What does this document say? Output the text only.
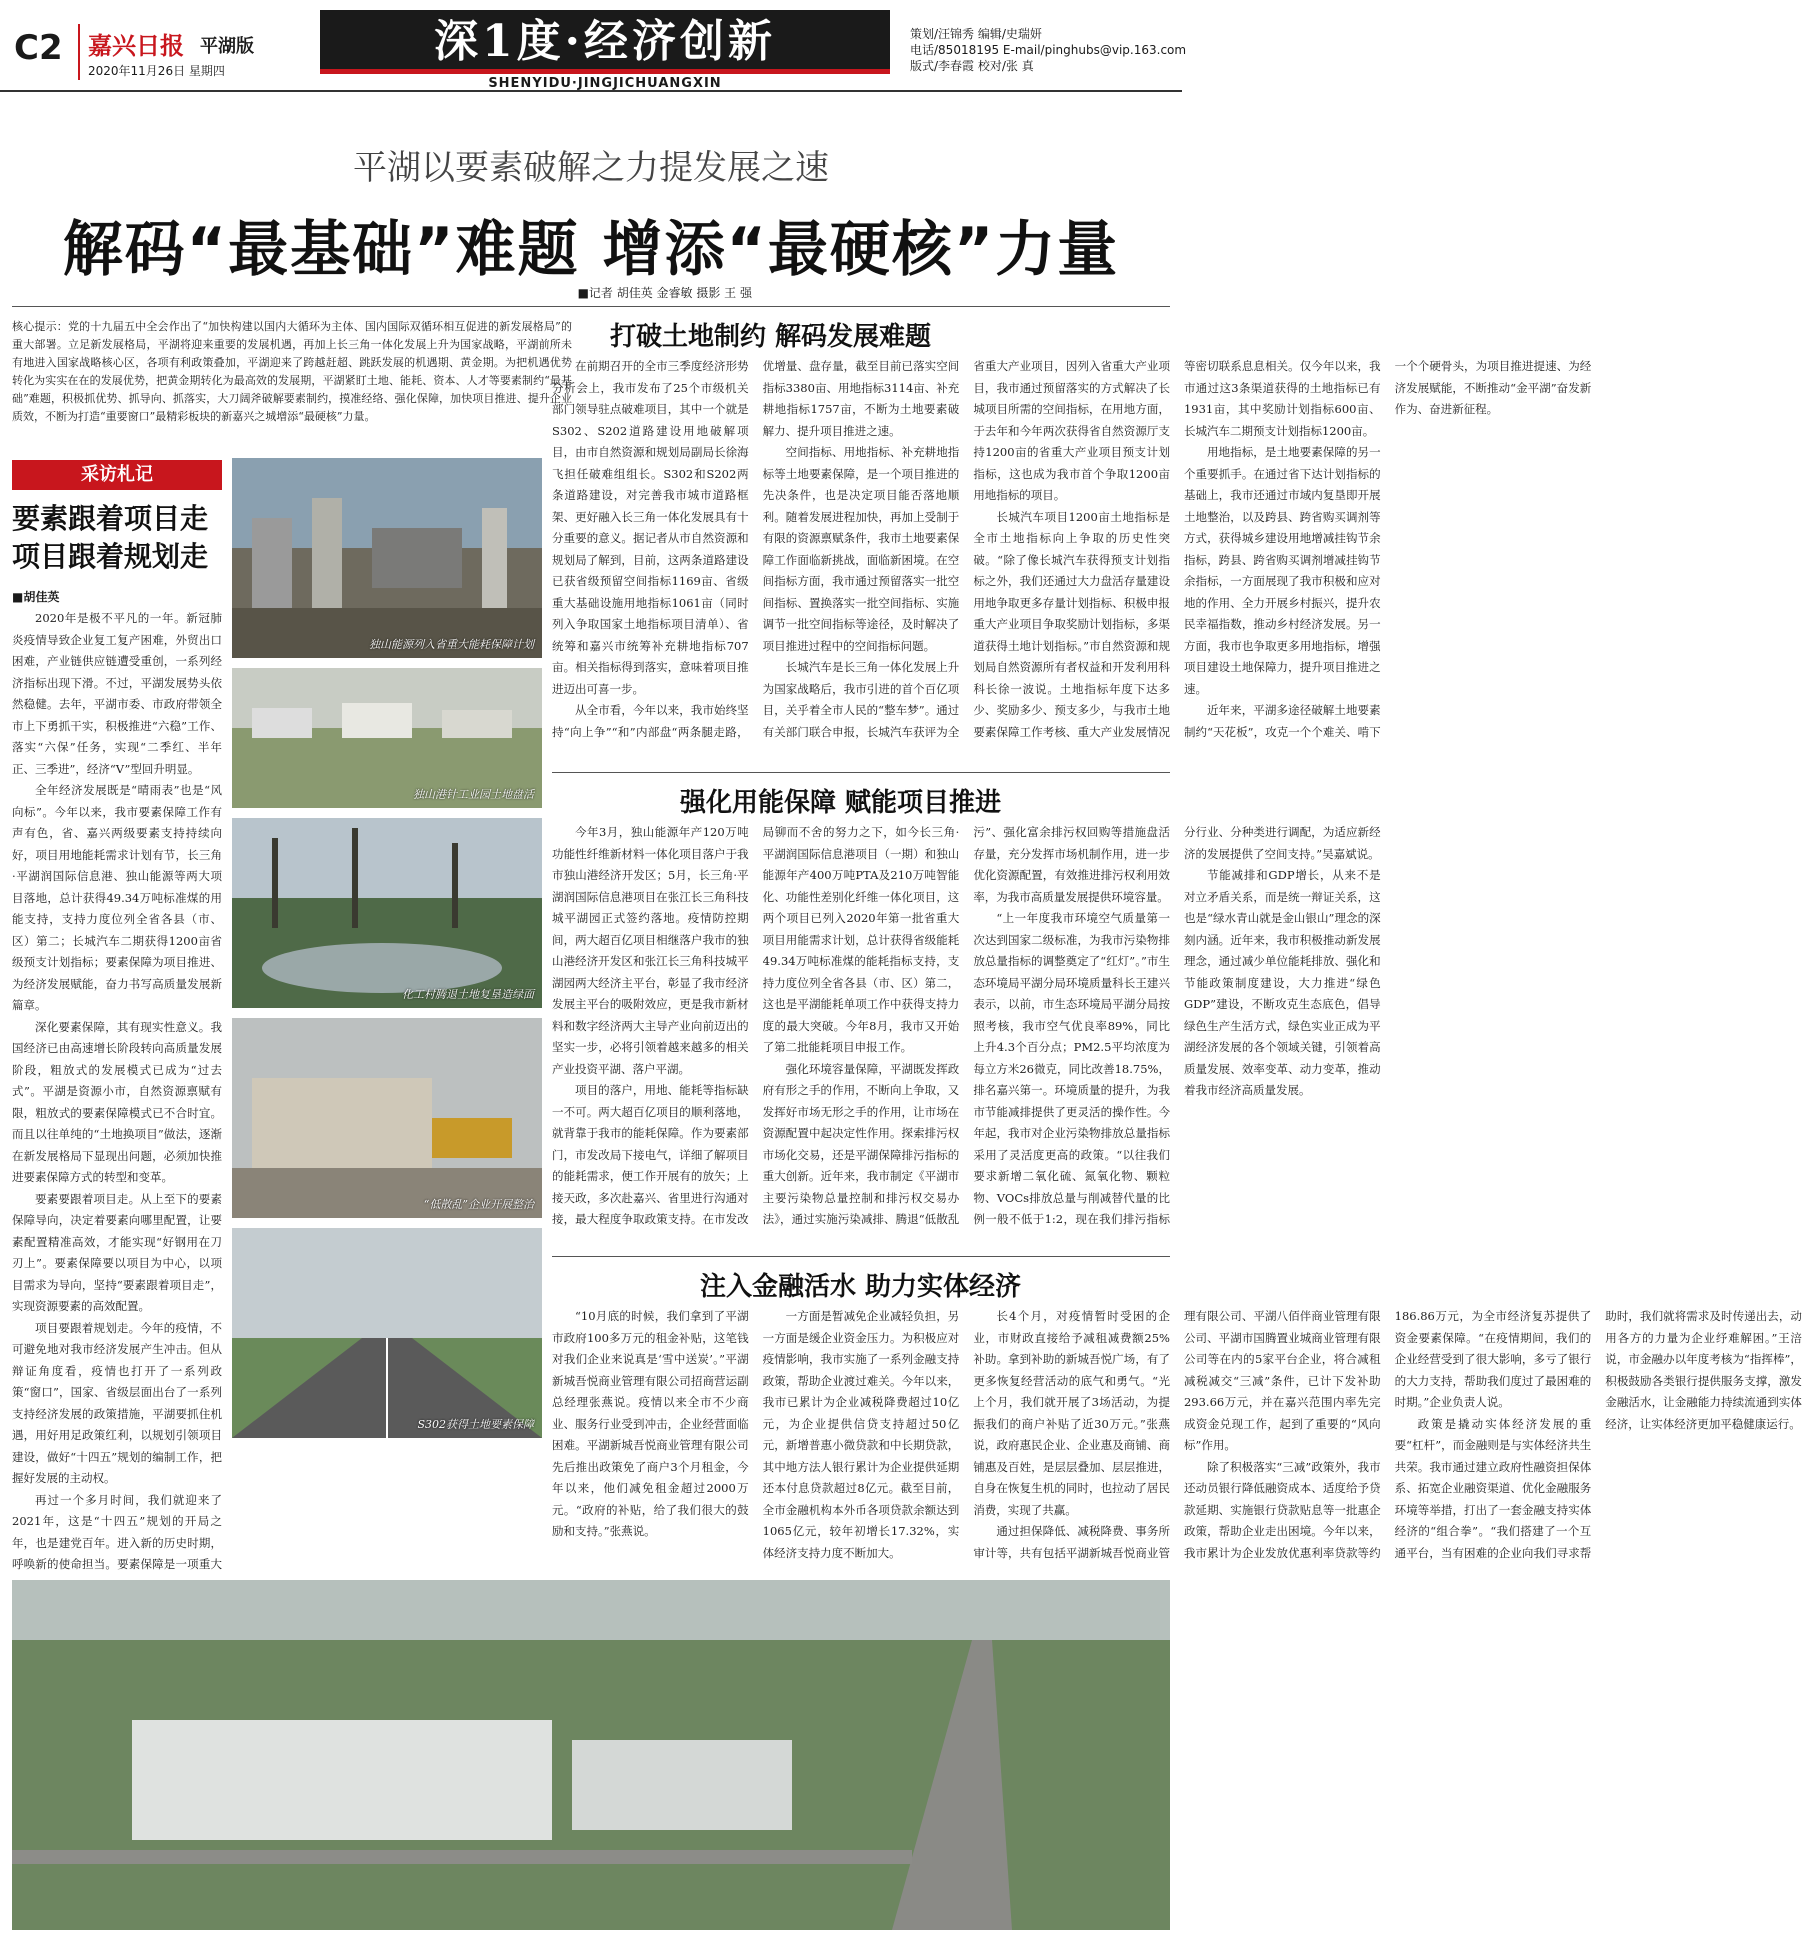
C2 嘉兴日报 平湖版
2020年11月26日 星期四
深1度·经济创新
SHENYIDU·JINGJICHUANGXIN
策划/汪锦秀 编辑/史瑞妍
电话/85018195 E-mail/pinghubs@vip.163.com
版式/李春霞 校对/张 真
平湖以要素破解之力提发展之速
解码“最基础”难题 增添“最硬核”力量
■记者 胡佳英 金睿敏 摄影 王 强
核心提示：党的十九届五中全会作出了“加快构建以国内大循环为主体、国内国际双循环相互促进的新发展格局”的重大部署。立足新发展格局，平湖将迎来重要的发展机遇，再加上长三角一体化发展上升为国家战略，平湖前所未有地进入国家战略核心区，各项有利政策叠加，平湖迎来了跨越赶超、跳跃发展的机遇期、黄金期。为把机遇优势转化为实实在在的发展优势，把黄金期转化为最高效的发展期，平湖紧盯土地、能耗、资本、人才等要素制约“最基础”难题，积极抓优势、抓导向、抓落实，大刀阔斧破解要素制约，摸准经络、强化保障，加快项目推进、提升企业质效，不断为打造“重要窗口”最精彩板块的新嘉兴之城增添“最硬核”力量。
采访札记
要素跟着项目走
项目跟着规划走
■胡佳英

2020年是极不平凡的一年。新冠肺炎疫情导致企业复工复产困难，外贸出口困难，产业链供应链遭受重创，一系列经济指标出现下滑。不过，平湖发展势头依然稳健。去年，平湖市委、市政府带领全市上下勇抓干实，积极推进“六稳”工作、落实“六保”任务，实现“二季红、半年正、三季进”，经济“V”型回升明显。

全年经济发展既是“晴雨表”也是“风向标”。今年以来，我市要素保障工作有声有色，省、嘉兴两级要素支持持续向好，项目用地能耗需求计划有节，长三角·平湖润国际信息港、独山能源等两大项目落地，总计获得49.34万吨标准煤的用能支持，支持力度位列全省各县（市、区）第二；长城汽车二期获得1200亩省级预支计划指标；要素保障为项目推进、为经济发展赋能，奋力书写高质量发展新篇章。

深化要素保障，其有现实性意义。我国经济已由高速增长阶段转向高质量发展阶段，粗放式的发展模式已成为“过去式”。平湖是资源小市，自然资源禀赋有限，粗放式的要素保障模式已不合时宜。而且以往单纯的“土地换项目”做法，逐渐在新发展格局下显现出问题，必须加快推进要素保障方式的转型和变革。

要素要跟着项目走。从上至下的要素保障导向，决定着要素向哪里配置，让要素配置精准高效，才能实现“好钢用在刀刃上”。要素保障要以项目为中心，以项目需求为导向，坚持“要素跟着项目走”，实现资源要素的高效配置。

项目要跟着规划走。今年的疫情，不可避免地对我市经济发展产生冲击。但从辩证角度看，疫情也打开了一系列政策“窗口”，国家、省级层面出台了一系列支持经济发展的政策措施，平湖要抓住机遇，用好用足政策红利，以规划引领项目建设，做好“十四五”规划的编制工作，把握好发展的主动权。

再过一个多月时间，我们就迎来了2021年，这是“十四五”规划的开局之年，也是建党百年。进入新的历史时期，呼唤新的使命担当。要素保障是一项重大

独山能源列入省重大能耗保障计划
独山港针工业园土地盘活
化工村腾退土地复垦造绿面
“低散乱”企业开展整治
S302获得土地要素保障
打破土地制约 解码发展难题

在前期召开的全市三季度经济形势分析会上，我市发布了25个市级机关部门领导驻点破难项目，其中一个就是S302、S202道路建设用地破解项目，由市自然资源和规划局副局长徐海飞担任破难组组长。S302和S202两条道路建设，对完善我市城市道路框架、更好融入长三角一体化发展具有十分重要的意义。据记者从市自然资源和规划局了解到，目前，这两条道路建设已获省级预留空间指标1169亩、省级重大基础设施用地指标1061亩（同时列入争取国家土地指标项目清单）、省统筹和嘉兴市统筹补充耕地指标707亩。相关指标得到落实，意味着项目推进迈出可喜一步。

从全市看，今年以来，我市始终坚持“向上争”“和”内部盘“两条腿走路，优增量、盘存量，截至目前已落实空间指标3380亩、用地指标3114亩、补充耕地指标1757亩，不断为土地要素破解力、提升项目推进之速。

空间指标、用地指标、补充耕地指标等土地要素保障，是一个项目推进的先决条件，也是决定项目能否落地顺利。随着发展进程加快，再加上受制于有限的资源禀赋条件，我市土地要素保障工作面临新挑战，面临新困境。在空间指标方面，我市通过预留落实一批空间指标、置换落实一批空间指标、实施调节一批空间指标等途径，及时解决了项目推进过程中的空间指标问题。

长城汽车是长三角一体化发展上升为国家战略后，我市引进的首个百亿项目，关乎着全市人民的“整车梦”。通过有关部门联合申报，长城汽车获评为全省重大产业项目，因列入省重大产业项目，我市通过预留落实的方式解决了长城项目所需的空间指标，在用地方面，于去年和今年两次获得省自然资源厅支持1200亩的省重大产业项目预支计划指标，这也成为我市首个争取1200亩用地指标的项目。

长城汽车项目1200亩土地指标是全市土地指标向上争取的历史性突破。“除了像长城汽车获得预支计划指标之外，我们还通过大力盘活存量建设用地争取更多存量计划指标、积极申报重大产业项目争取奖励计划指标，多渠道获得土地计划指标。”市自然资源和规划局自然资源所有者权益和开发利用科科长徐一波说。土地指标年度下达多少、奖励多少、预支多少，与我市土地要素保障工作考核、重大产业发展情况等密切联系息息相关。仅今年以来，我市通过这3条渠道获得的土地指标已有1931亩，其中奖励计划指标600亩、长城汽车二期预支计划指标1200亩。

用地指标，是土地要素保障的另一个重要抓手。在通过省下达计划指标的基础上，我市还通过市域内复垦即开展土地整治，以及跨县、跨省购买调剂等方式，获得城乡建设用地增减挂钩节余指标，跨县、跨省购买调剂增减挂钩节余指标，一方面展现了我市积极和应对地的作用、全力开展乡村振兴，提升农民幸福指数，推动乡村经济发展。另一方面，我市也争取更多用地指标，增强项目建设土地保障力，提升项目推进之速。

近年来，平湖多途径破解土地要素制约“天花板”，攻克一个个难关、啃下一个个硬骨头，为项目推进提速、为经济发展赋能，不断推动“金平湖”奋发新作为、奋进新征程。

强化用能保障 赋能项目推进

今年3月，独山能源年产120万吨功能性纤维新材料一体化项目落户于我市独山港经济开发区；5月，长三角·平湖润国际信息港项目在张江长三角科技城平湖园正式签约落地。疫情防控期间，两大超百亿项目相继落户我市的独山港经济开发区和张江长三角科技城平湖园两大经济主平台，彰显了我市经济发展主平台的吸附效应，更是我市新材料和数字经济两大主导产业向前迈出的坚实一步，必将引领着越来越多的相关产业投资平湖、落户平湖。

项目的落户，用地、能耗等指标缺一不可。两大超百亿项目的顺利落地，就背靠于我市的能耗保障。作为要素部门，市发改局下接电气，详细了解项目的能耗需求，便工作开展有的放矢；上接天政，多次赴嘉兴、省里进行沟通对接，最大程度争取政策支持。在市发改局铆而不舍的努力之下，如今长三角·平湖润国际信息港项目（一期）和独山能源年产400万吨PTA及210万吨智能化、功能性差别化纤维一体化项目，这两个项目已列入2020年第一批省重大项目用能需求计划，总计获得省级能耗49.34万吨标准煤的能耗指标支持，支持力度位列全省各县（市、区）第二，这也是平湖能耗单项工作中获得支持力度的最大突破。今年8月，我市又开始了第二批能耗项目申报工作。

强化环境容量保障，平湖既发挥政府有形之手的作用，不断向上争取，又发挥好市场无形之手的作用，让市场在资源配置中起决定性作用。探索排污权市场化交易，还是平湖保障排污指标的重大创新。近年来，我市制定《平湖市主要污染物总量控制和排污权交易办法》，通过实施污染减排、腾退“低散乱污”、强化富余排污权回购等措施盘活存量，充分发挥市场机制作用，进一步优化资源配置，有效推进排污权利用效率，为我市高质量发展提供环境容量。

“上一年度我市环境空气质量第一次达到国家二级标准，为我市污染物排放总量指标的调整奠定了“红灯”。”市生态环境局平湖分局环境质量科长王建兴表示，以前，市生态环境局平湖分局按照考核，我市空气优良率89%，同比上升4.3个百分点；PM2.5平均浓度为每立方米26微克，同比改善18.75%，排名嘉兴第一。环境质量的提升，为我市节能减排提供了更灵活的操作性。今年起，我市对企业污染物排放总量指标采用了灵活度更高的政策。“以往我们要求新增二氧化硫、氮氧化物、颗粒物、VOCs排放总量与削减替代量的比例一般不低于1:2，现在我们排污指标分行业、分种类进行调配，为适应新经济的发展提供了空间支持。”吴嘉斌说。

节能减排和GDP增长，从来不是对立矛盾关系，而是统一辩证关系，这也是“绿水青山就是金山银山”理念的深刻内涵。近年来，我市积极推动新发展理念，通过减少单位能耗排放、强化和节能政策制度建设，大力推进“绿色GDP”建设，不断攻克生态底色，倡导绿色生产生活方式，绿色实业正成为平湖经济发展的各个领域关键，引领着高质量发展、效率变革、动力变革，推动着我市经济高质量发展。

注入金融活水 助力实体经济

“10月底的时候，我们拿到了平湖市政府100多万元的租金补贴，这笔钱对我们企业来说真是‘雪中送炭’。”平湖新城吾悦商业管理有限公司招商营运副总经理张燕说。疫情以来全市不少商业、服务行业受到冲击，企业经营面临困难。平湖新城吾悦商业管理有限公司先后推出政策免了商户3个月租金，今年以来，他们减免租金超过2000万元。“政府的补贴，给了我们很大的鼓励和支持。”张燕说。

一方面是暂减免企业减轻负担，另一方面是缓企业资金压力。为积极应对疫情影响，我市实施了一系列金融支持政策，帮助企业渡过难关。今年以来，我市已累计为企业减税降费超过10亿元，为企业提供信贷支持超过50亿元，新增普惠小微贷款和中长期贷款，其中地方法人银行累计为企业提供延期还本付息贷款超过8亿元。截至目前，全市金融机构本外币各项贷款余额达到1065亿元，较年初增长17.32%，实体经济支持力度不断加大。

长4个月，对疫情暂时受困的企业，市财政直接给予减租减费额25%补助。拿到补助的新城吾悦广场，有了更多恢复经营活动的底气和勇气。“光上个月，我们就开展了3场活动，为提振我们的商户补贴了近30万元。”张燕说，政府惠民企业、企业惠及商铺、商铺惠及百姓，是层层叠加、层层推进，自身在恢复生机的同时，也拉动了居民消费，实现了共赢。

通过担保降低、减税降费、事务所审计等，共有包括平湖新城吾悦商业管理有限公司、平湖八佰伴商业管理有限公司、平湖市国腾置业城商业管理有限公司等在内的5家平台企业，将合减租减税减交“三减”条件，已计下发补助293.66万元，并在嘉兴范围内率先完成资金兑现工作，起到了重要的“风向标”作用。

除了积极落实“三减”政策外，我市还动员银行降低融资成本、适度给予贷款延期、实施银行贷款贴息等一批惠企政策，帮助企业走出困境。今年以来，我市累计为企业发放优惠利率贷款等约186.86万元，为全市经济复苏提供了资金要素保障。“在疫情期间，我们的企业经营受到了很大影响，多亏了银行的大力支持，帮助我们度过了最困难的时期。”企业负责人说。

政策是撬动实体经济发展的重要“杠杆”，而金融则是与实体经济共生共荣。我市通过建立政府性融资担保体系、拓宽企业融资渠道、优化金融服务环境等举措，打出了一套金融支持实体经济的“组合拳”。“我们搭建了一个互通平台，当有困难的企业向我们寻求帮助时，我们就将需求及时传递出去，动用各方的力量为企业纾难解困。”王涪说，市金融办以年度考核为“指挥棒”，积极鼓励各类银行提供服务支撑，激发金融活水，让金融能力持续流通到实体经济，让实体经济更加平稳健康运行。
